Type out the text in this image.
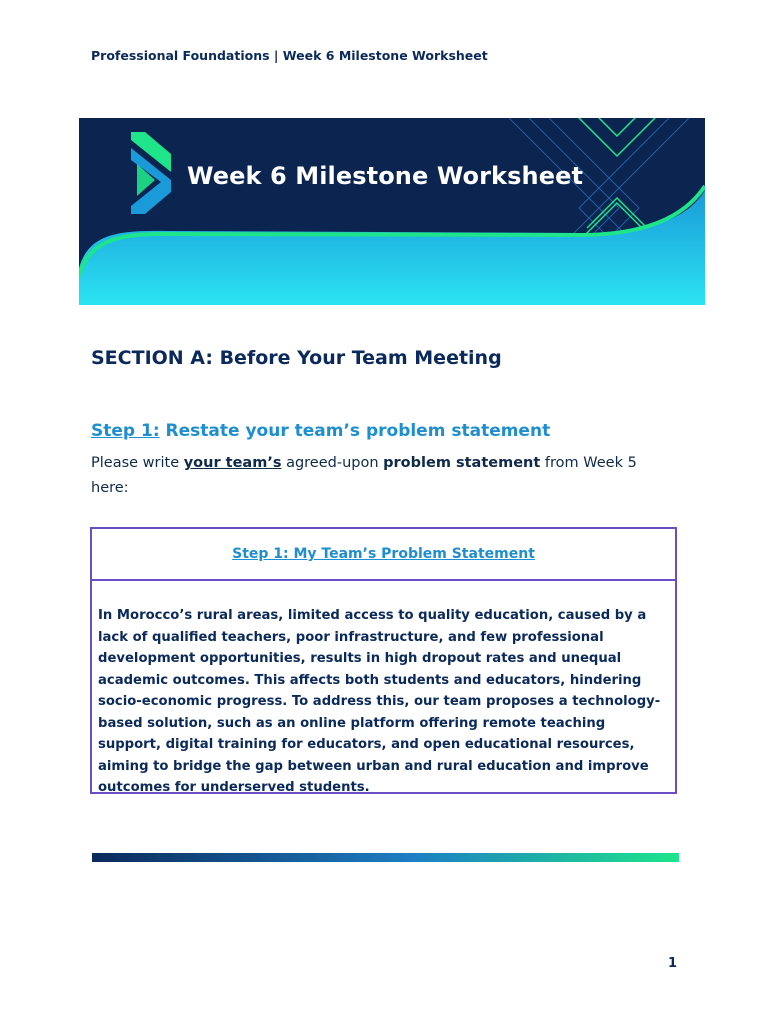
Professional Foundations | Week 6 Milestone Worksheet
Week 6 Milestone Worksheet
SECTION A: Before Your Team Meeting
Step 1: Restate your team’s problem statement
Please write your team’s agreed-upon problem statement from Week 5 here:
Step 1: My Team’s Problem Statement
In Morocco’s rural areas, limited access to quality education, caused by a lack of qualified teachers, poor infrastructure, and few professional development opportunities, results in high dropout rates and unequal academic outcomes. This affects both students and educators, hindering socio-economic progress. To address this, our team proposes a technology-based solution, such as an online platform offering remote teaching support, digital training for educators, and open educational resources, aiming to bridge the gap between urban and rural education and improve outcomes for underserved students.
1
